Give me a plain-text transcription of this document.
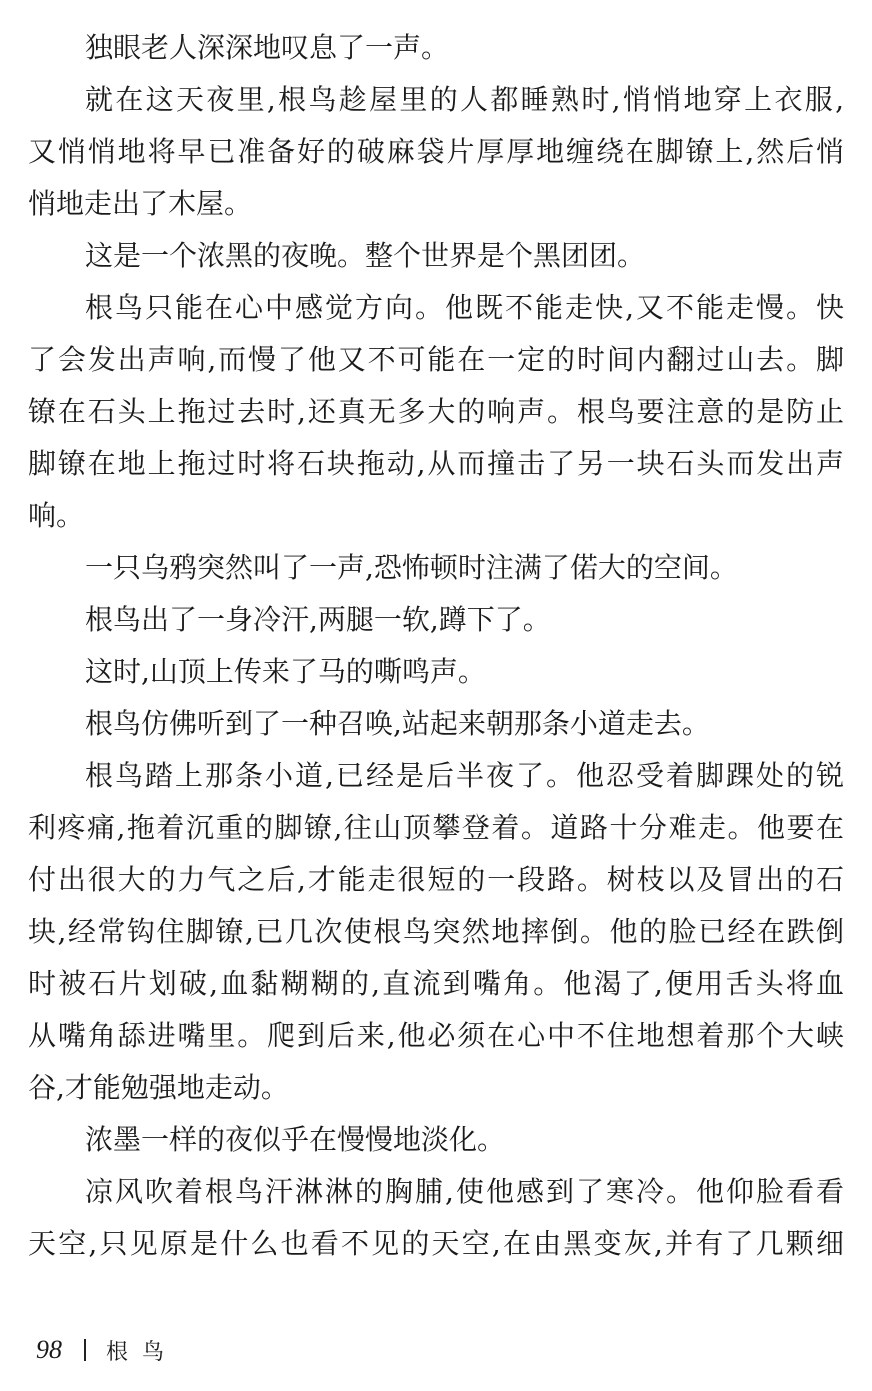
独眼老人深深地叹息了一声。
就在这天夜里,根鸟趁屋里的人都睡熟时,悄悄地穿上衣服,
又悄悄地将早已准备好的破麻袋片厚厚地缠绕在脚镣上,然后悄
悄地走出了木屋。
这是一个浓黑的夜晚。整个世界是个黑团团。
根鸟只能在心中感觉方向。他既不能走快,又不能走慢。快
了会发出声响,而慢了他又不可能在一定的时间内翻过山去。脚
镣在石头上拖过去时,还真无多大的响声。根鸟要注意的是防止
脚镣在地上拖过时将石块拖动,从而撞击了另一块石头而发出声
响。
一只乌鸦突然叫了一声,恐怖顿时注满了偌大的空间。
根鸟出了一身冷汗,两腿一软,蹲下了。
这时,山顶上传来了马的嘶鸣声。
根鸟仿佛听到了一种召唤,站起来朝那条小道走去。
根鸟踏上那条小道,已经是后半夜了。他忍受着脚踝处的锐
利疼痛,拖着沉重的脚镣,往山顶攀登着。道路十分难走。他要在
付出很大的力气之后,才能走很短的一段路。树枝以及冒出的石
块,经常钩住脚镣,已几次使根鸟突然地摔倒。他的脸已经在跌倒
时被石片划破,血黏糊糊的,直流到嘴角。他渴了,便用舌头将血
从嘴角舔进嘴里。爬到后来,他必须在心中不住地想着那个大峡
谷,才能勉强地走动。
浓墨一样的夜似乎在慢慢地淡化。
凉风吹着根鸟汗淋淋的胸脯,使他感到了寒冷。他仰脸看看
天空,只见原是什么也看不见的天空,在由黑变灰,并有了几颗细
98 根鸟
